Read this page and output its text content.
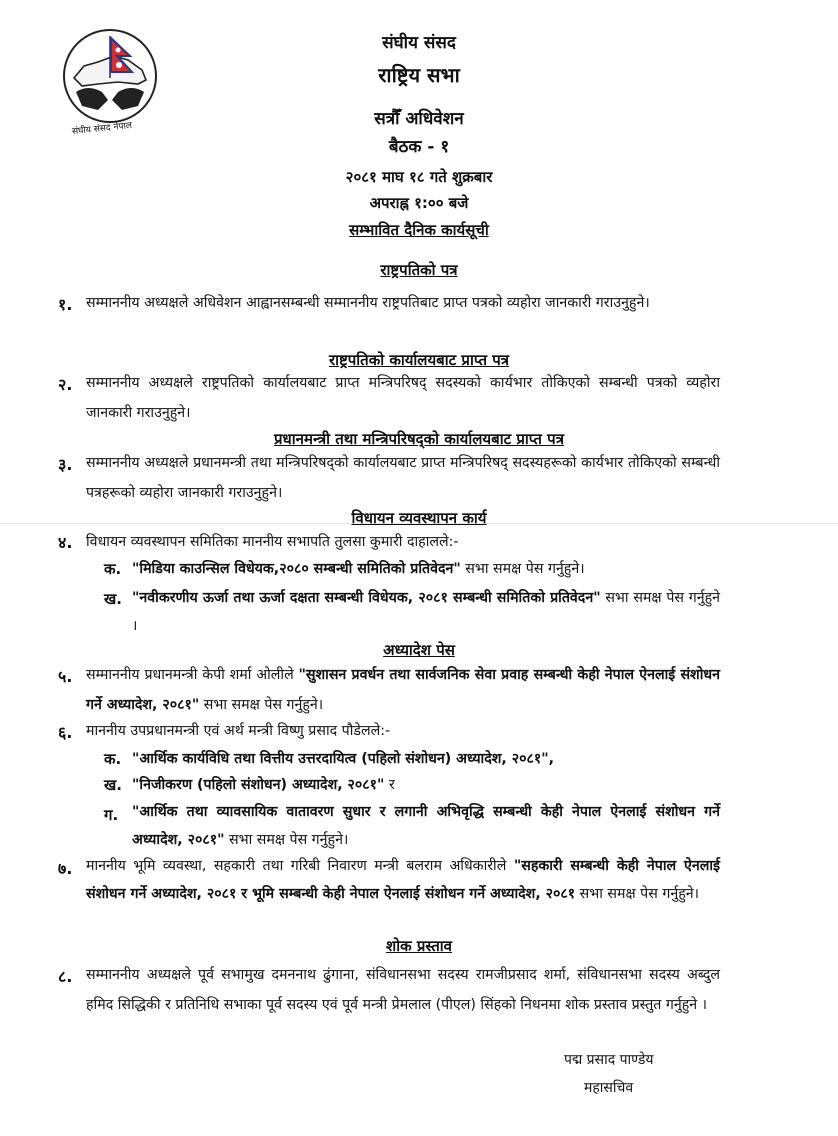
संघीय संसद नेपाल
संघीय संसद
राष्ट्रिय सभा
सत्रौँ अधिवेशन
बैठक - १
२०८१ माघ १८ गते शुक्रबार
अपराह्न १:०० बजे
सम्भावित दैनिक कार्यसूची
राष्ट्रपतिको पत्र
१. सम्माननीय अध्यक्षले अधिवेशन आह्वानसम्बन्धी सम्माननीय राष्ट्रपतिबाट प्राप्त पत्रको व्यहोरा जानकारी गराउनुहुने।
राष्ट्रपतिको कार्यालयबाट प्राप्त पत्र
२. सम्माननीय अध्यक्षले राष्ट्रपतिको कार्यालयबाट प्राप्त मन्त्रिपरिषद् सदस्यको कार्यभार तोकिएको सम्बन्धी पत्रको व्यहोरा जानकारी गराउनुहुने।
प्रधानमन्त्री तथा मन्त्रिपरिषद्को कार्यालयबाट प्राप्त पत्र
३. सम्माननीय अध्यक्षले प्रधानमन्त्री तथा मन्त्रिपरिषद्को कार्यालयबाट प्राप्त मन्त्रिपरिषद् सदस्यहरूको कार्यभार तोकिएको सम्बन्धी पत्रहरूको व्यहोरा जानकारी गराउनुहुने।
विधायन व्यवस्थापन कार्य
४. विधायन व्यवस्थापन समितिका माननीय सभापति तुलसा कुमारी दाहालले:-
क. "मिडिया काउन्सिल विधेयक,२०८० सम्बन्धी समितिको प्रतिवेदन" सभा समक्ष पेस गर्नुहुने।
ख. "नवीकरणीय ऊर्जा तथा ऊर्जा दक्षता सम्बन्धी विधेयक, २०८१ सम्बन्धी समितिको प्रतिवेदन" सभा समक्ष पेस गर्नुहुने ।
अध्यादेश पेस
५. सम्माननीय प्रधानमन्त्री केपी शर्मा ओलीले "सुशासन प्रवर्धन तथा सार्वजनिक सेवा प्रवाह सम्बन्धी केही नेपाल ऐनलाई संशोधन गर्ने अध्यादेश, २०८१" सभा समक्ष पेस गर्नुहुने।
६. माननीय उपप्रधानमन्त्री एवं अर्थ मन्त्री विष्णु प्रसाद पौडेलले:-
क. "आर्थिक कार्यविधि तथा वित्तीय उत्तरदायित्व (पहिलो संशोधन) अध्यादेश, २०८१",
ख. "निजीकरण (पहिलो संशोधन) अध्यादेश, २०८१" र
ग. "आर्थिक तथा व्यावसायिक वातावरण सुधार र लगानी अभिवृद्धि सम्बन्धी केही नेपाल ऐनलाई संशोधन गर्ने अध्यादेश, २०८१" सभा समक्ष पेस गर्नुहुने।
७. माननीय भूमि व्यवस्था, सहकारी तथा गरिबी निवारण मन्त्री बलराम अधिकारीले "सहकारी सम्बन्धी केही नेपाल ऐनलाई संशोधन गर्ने अध्यादेश, २०८१ र भूमि सम्बन्धी केही नेपाल ऐनलाई संशोधन गर्ने अध्यादेश, २०८१ सभा समक्ष पेस गर्नुहुने।
शोक प्रस्ताव
८. सम्माननीय अध्यक्षले पूर्व सभामुख दमननाथ ढुंगाना, संविधानसभा सदस्य रामजीप्रसाद शर्मा, संविधानसभा सदस्य अब्दुल हमिद सिद्धिकी र प्रतिनिधि सभाका पूर्व सदस्य एवं पूर्व मन्त्री प्रेमलाल (पीएल) सिंहको निधनमा शोक प्रस्ताव प्रस्तुत गर्नुहुने ।
पद्म प्रसाद पाण्डेय
महासचिव
